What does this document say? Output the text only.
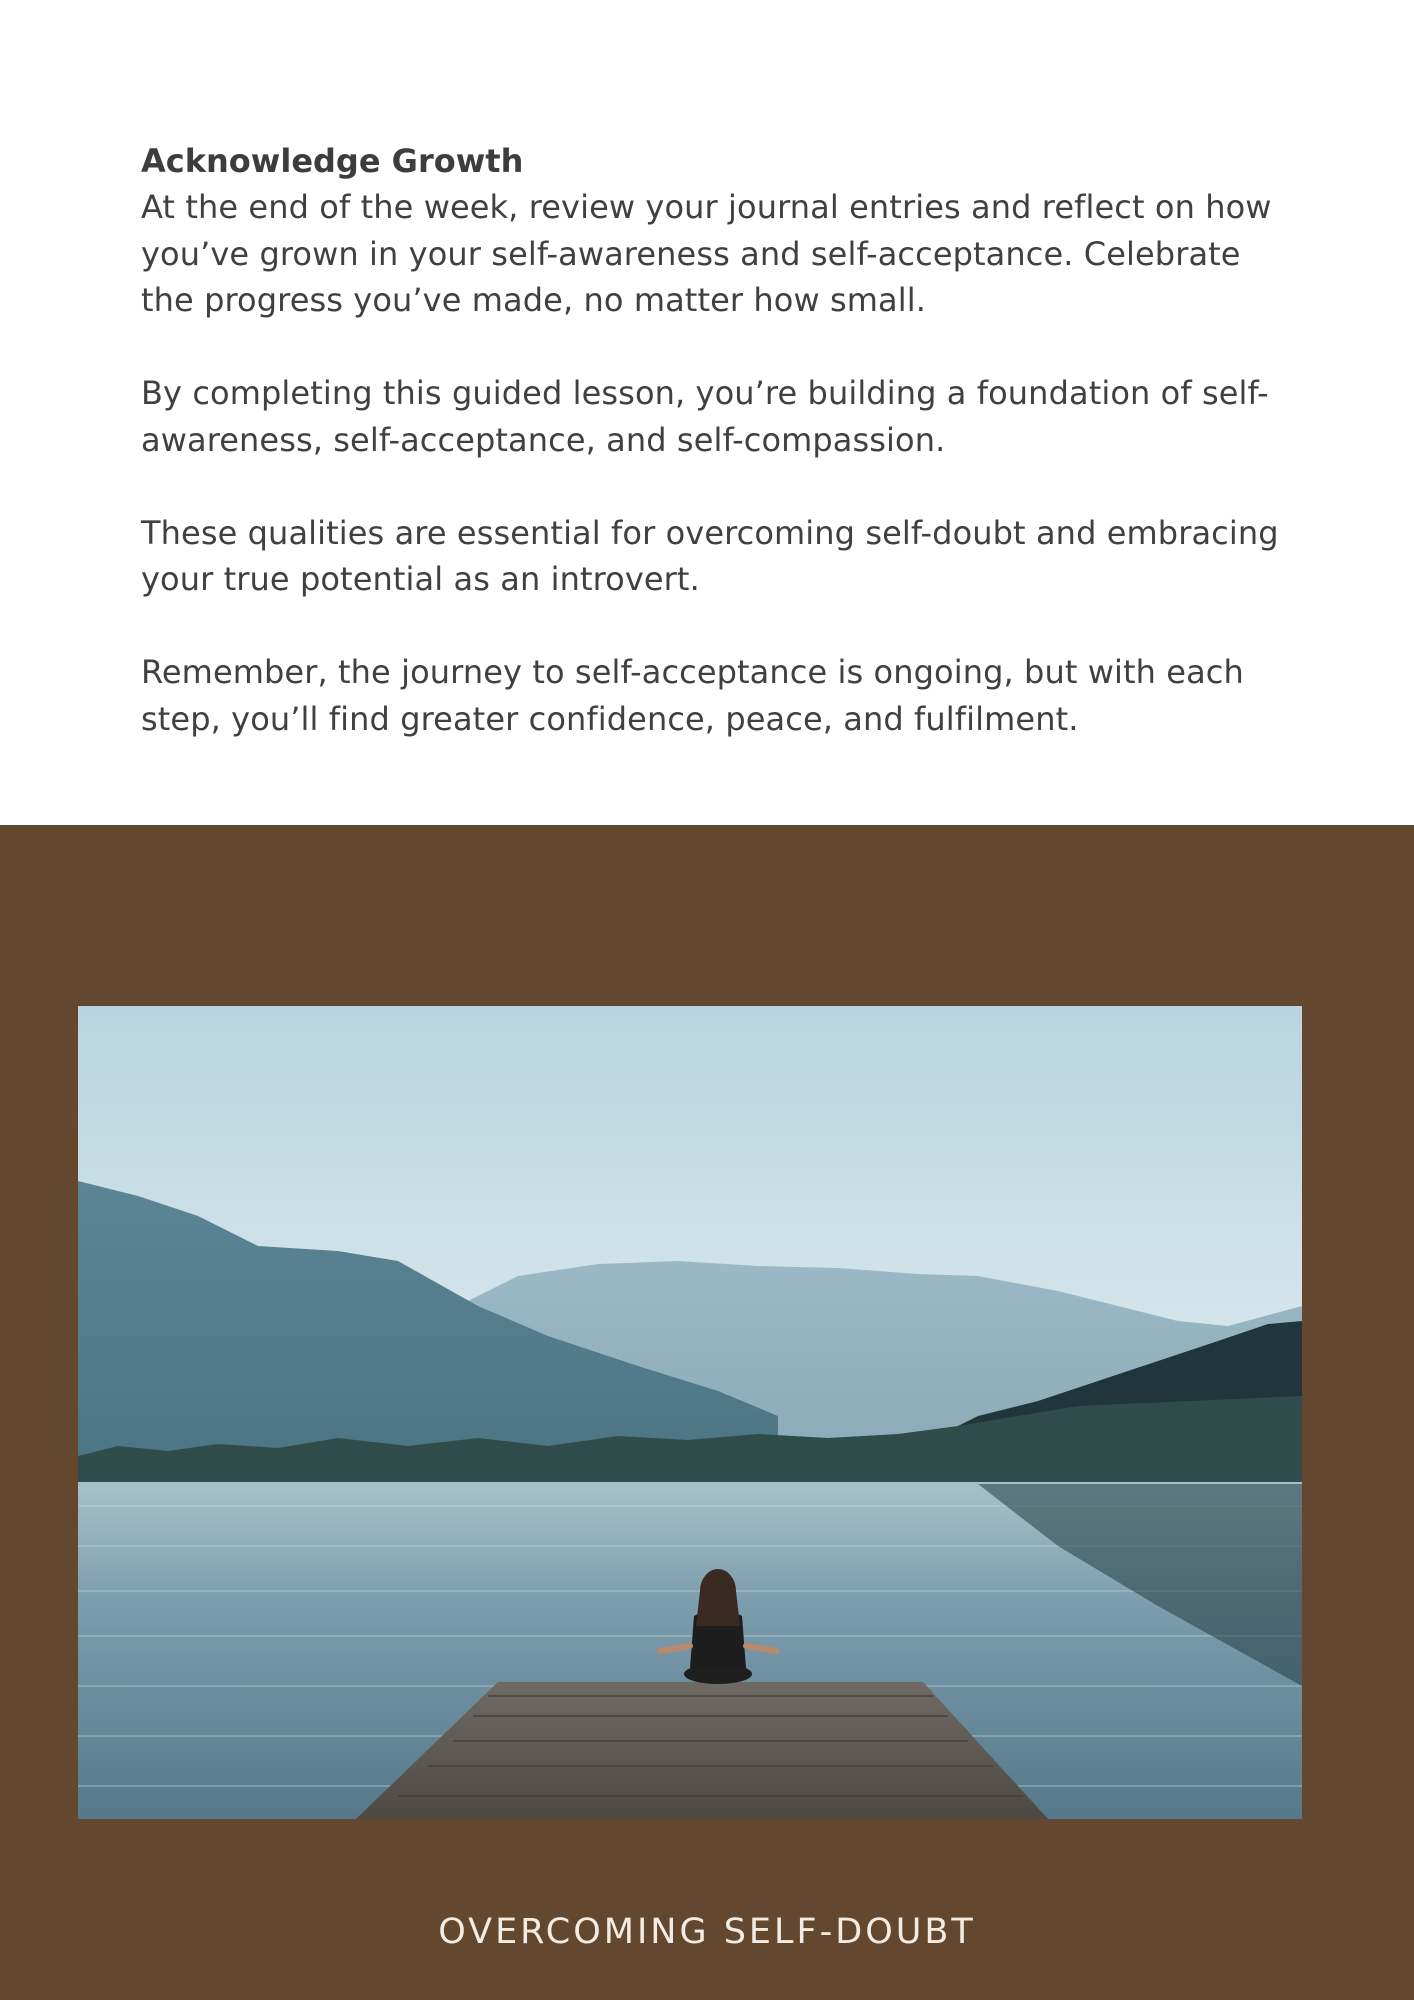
Acknowledge Growth

At the end of the week, review your journal entries and reflect on how you’ve grown in your self-awareness and self-acceptance. Celebrate the progress you’ve made, no matter how small.

By completing this guided lesson, you’re building a foundation of self-awareness, self-acceptance, and self-compassion.

These qualities are essential for overcoming self-doubt and embracing your true potential as an introvert.

Remember, the journey to self-acceptance is ongoing, but with each step, you’ll find greater confidence, peace, and fulfilment.

OVERCOMING SELF-DOUBT
